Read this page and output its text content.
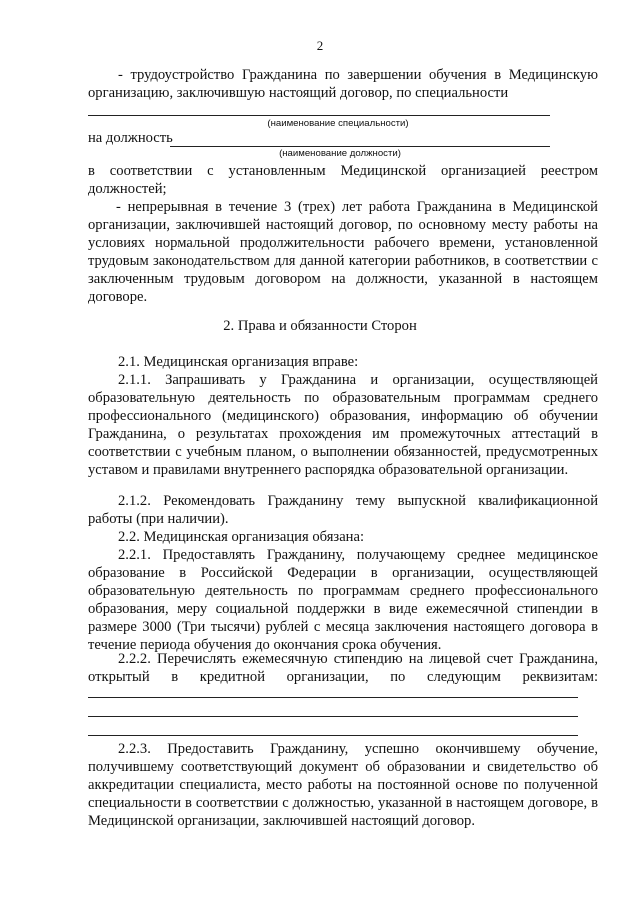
2
- трудоустройство Гражданина по завершении обучения в Медицинскую организацию, заключившую настоящий договор, по специальности
(наименование специальности)
на должность
(наименование должности)
в соответствии с установленным Медицинской организацией реестром должностей;
- непрерывная в течение 3 (трех) лет работа Гражданина в Медицинской организации, заключившей настоящий договор, по основному месту работы на условиях нормальной продолжительности рабочего времени, установленной трудовым законодательством для данной категории работников, в соответствии с заключенным трудовым договором на должности, указанной в настоящем договоре.
2. Права и обязанности Сторон
2.1. Медицинская организация вправе:
2.1.1. Запрашивать у Гражданина и организации, осуществляющей образовательную деятельность по образовательным программам среднего профессионального (медицинского) образования, информацию об обучении Гражданина, о результатах прохождения им промежуточных аттестаций в соответствии с учебным планом, о выполнении обязанностей, предусмотренных уставом и правилами внутреннего распорядка образовательной организации.
2.1.2. Рекомендовать Гражданину тему выпускной квалификационной работы (при наличии).
2.2. Медицинская организация обязана:
2.2.1. Предоставлять Гражданину, получающему среднее медицинское образование в Российской Федерации в организации, осуществляющей образовательную деятельность по программам среднего профессионального образования, меру социальной поддержки в виде ежемесячной стипендии в размере 3000 (Три тысячи) рублей с месяца заключения настоящего договора в течение периода обучения до окончания срока обучения.
2.2.2. Перечислять ежемесячную стипендию на лицевой счет Гражданина, открытый в кредитной организации, по следующим реквизитам:
2.2.3. Предоставить Гражданину, успешно окончившему обучение, получившему соответствующий документ об образовании и свидетельство об аккредитации специалиста, место работы на постоянной основе по полученной специальности в соответствии с должностью, указанной в настоящем договоре, в Медицинской организации, заключившей настоящий договор.
